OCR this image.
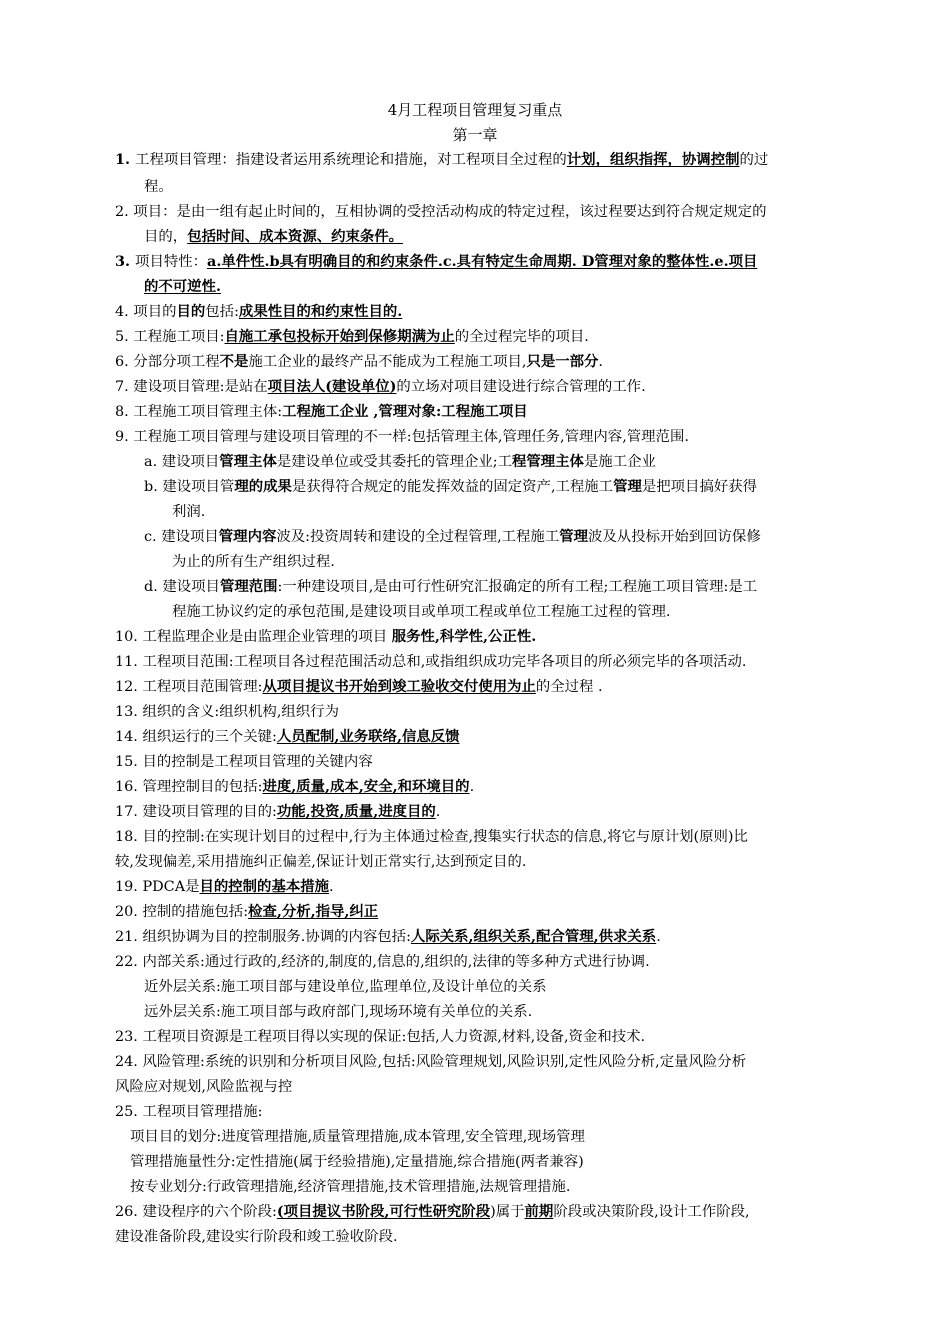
4月工程项目管理复习重点
第一章
1. 工程项目管理：指建设者运用系统理论和措施，对工程项目全过程的计划，组织指挥，协调控制的过
程。
2. 项目：是由一组有起止时间的，互相协调的受控活动构成的特定过程，该过程要达到符合规定规定的
目的，包括时间、成本资源、约束条件。
3. 项目特性：a.单件性.b具有明确目的和约束条件.c.具有特定生命周期. D管理对象的整体性.e.项目
的不可逆性.
4. 项目的目的包括:成果性目的和约束性目的.
5. 工程施工项目:自施工承包投标开始到保修期满为止的全过程完毕的项目.
6. 分部分项工程不是施工企业的最终产品不能成为工程施工项目,只是一部分.
7. 建设项目管理:是站在项目法人(建设单位)的立场对项目建设进行综合管理的工作.
8. 工程施工项目管理主体:工程施工企业 ,管理对象:工程施工项目
9. 工程施工项目管理与建设项目管理的不一样:包括管理主体,管理任务,管理内容,管理范围.
a. 建设项目管理主体是建设单位或受其委托的管理企业;工程管理主体是施工企业
b. 建设项目管理的成果是获得符合规定的能发挥效益的固定资产,工程施工管理是把项目搞好获得
利润.
c. 建设项目管理内容波及:投资周转和建设的全过程管理,工程施工管理波及从投标开始到回访保修
为止的所有生产组织过程.
d. 建设项目管理范围:一种建设项目,是由可行性研究汇报确定的所有工程;工程施工项目管理:是工
程施工协议约定的承包范围,是建设项目或单项工程或单位工程施工过程的管理.
10. 工程监理企业是由监理企业管理的项目 服务性,科学性,公正性.
11. 工程项目范围:工程项目各过程范围活动总和,或指组织成功完毕各项目的所必须完毕的各项活动.
12. 工程项目范围管理:从项目提议书开始到竣工验收交付使用为止的全过程 .
13. 组织的含义:组织机构,组织行为
14. 组织运行的三个关键:人员配制,业务联络,信息反馈
15. 目的控制是工程项目管理的关键内容
16. 管理控制目的包括:进度,质量,成本,安全,和环境目的.
17. 建设项目管理的目的:功能,投资,质量,进度目的.
18. 目的控制:在实现计划目的过程中,行为主体通过检查,搜集实行状态的信息,将它与原计划(原则)比
较,发现偏差,采用措施纠正偏差,保证计划正常实行,达到预定目的.
19. PDCA是目的控制的基本措施.
20. 控制的措施包括:检查,分析,指导,纠正
21. 组织协调为目的控制服务.协调的内容包括:人际关系,组织关系,配合管理,供求关系.
22. 内部关系:通过行政的,经济的,制度的,信息的,组织的,法律的等多种方式进行协调.
近外层关系:施工项目部与建设单位,监理单位,及设计单位的关系
远外层关系:施工项目部与政府部门,现场环境有关单位的关系.
23. 工程项目资源是工程项目得以实现的保证:包括,人力资源,材料,设备,资金和技术.
24. 风险管理:系统的识别和分析项目风险,包括:风险管理规划,风险识别,定性风险分析,定量风险分析
风险应对规划,风险监视与控
25. 工程项目管理措施:
项目目的划分:进度管理措施,质量管理措施,成本管理,安全管理,现场管理
管理措施量性分:定性措施(属于经验措施),定量措施,综合措施(两者兼容)
按专业划分:行政管理措施,经济管理措施,技术管理措施,法规管理措施.
26. 建设程序的六个阶段:(项目提议书阶段,可行性研究阶段)属于前期阶段或决策阶段,设计工作阶段,
建设准备阶段,建设实行阶段和竣工验收阶段.
